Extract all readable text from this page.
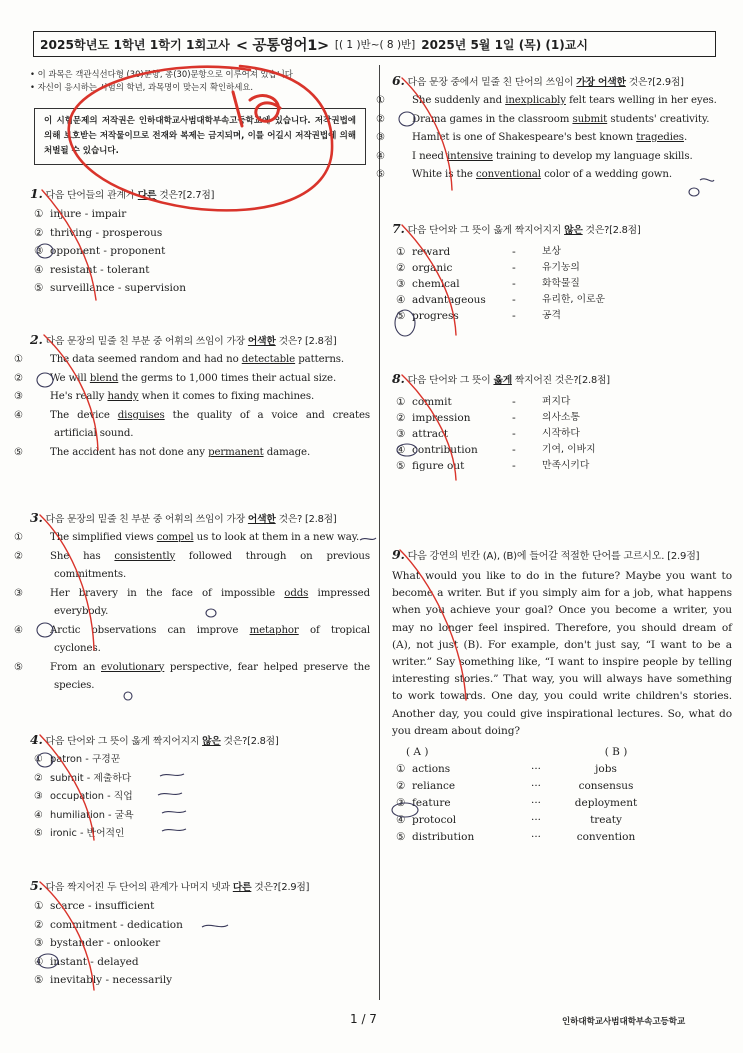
2025학년도 1학년 1학기 1회고사 < 공통영어1> [( 1 )반~( 8 )반] 2025년 5월 1일 (목) (1)교시
• 이 과목은 객관식선다형 (30)문항, 총(30)문항으로 이루어져 있습니다
• 자신이 응시하는 시험의 학년, 과목명이 맞는지 확인하세요.
이 시험문제의 저작권은 인하대학교사범대학부속고등학교에 있습니다. 저작권법에 의해 보호받는 저작물이므로 전재와 복제는 금지되며, 이를 어길시 저작권법에 의해 처벌될 수 있습니다.
1. 다음 단어들의 관계가 다른 것은?[2.7점]
① injure - impair
② thriving - prosperous
③ opponent - proponent
④ resistant - tolerant
⑤ surveillance - supervision
2. 다음 문장의 밑줄 친 부분 중 어휘의 쓰임이 가장 어색한 것은? [2.8점]
①	The data seemed random and had no detectable patterns.
②	We will blend the germs to 1,000 times their actual size.
③	He's really handy when it comes to fixing machines.
④	The device disguises the quality of a voice and creates artificial sound.
⑤	The accident has not done any permanent damage.
3. 다음 문장의 밑줄 친 부분 중 어휘의 쓰임이 가장 어색한 것은? [2.8점]
①	The simplified views compel us to look at them in a new way.
②	She has consistently followed through on previous commitments.
③	Her bravery in the face of impossible odds impressed everybody.
④	Arctic observations can improve metaphor of tropical cyclones.
⑤	From an evolutionary perspective, fear helped preserve the species.
4. 다음 단어와 그 뜻이 옳게 짝지어지지 않은 것은?[2.8점]
① patron - 구경꾼
② submit - 제출하다
③ occupation - 직업
④ humiliation - 굴욕
⑤ ironic - 반어적인
5. 다음 짝지어진 두 단어의 관계가 나머지 넷과 다른 것은?[2.9점]
① scarce - insufficient
② commitment - dedication
③ bystander - onlooker
④ instant - delayed
⑤ inevitably - necessarily
6. 다음 문장 중에서 밑줄 친 단어의 쓰임이 가장 어색한 것은?[2.9점]
①	She suddenly and inexplicably felt tears welling in her eyes.
②	Drama games in the classroom submit students' creativity.
③	Hamlet is one of Shakespeare's best known tragedies.
④	I need intensive training to develop my language skills.
⑤	White is the conventional color of a wedding gown.
7. 다음 단어와 그 뜻이 옳게 짝지어지지 않은 것은?[2.8점]
① reward	-	보상
② organic	-	유기농의
③ chemical	-	화학물질
④ advantageous	-	유리한, 이로운
⑤ progress	-	공격
8. 다음 단어와 그 뜻이 옳게 짝지어진 것은?[2.8점]
① commit	-	퍼지다
② impression	-	의사소통
③ attract	-	시작하다
④ contribution	-	기여, 이바지
⑤ figure out	-	만족시키다
9. 다음 강연의 빈칸 (A), (B)에 들어갈 적절한 단어를 고르시오. [2.9점]
What would you like to do in the future? Maybe you want to become a writer. But if you simply aim for a job, what happens when you achieve your goal? Once you become a writer, you may no longer feel inspired. Therefore, you should dream of (A), not just (B). For example, don't just say, “I want to be a writer.” Say something like, “I want to inspire people by telling interesting stories.” That way, you will always have something to work towards. One day, you could write children's stories. Another day, you could give inspirational lectures. So, what do you dream about doing?
( A )	( B )
① actions	···	jobs
② reliance	···	consensus
③ feature	···	deployment
④ protocol	···	treaty
⑤ distribution	···	convention
1 / 7	인하대학교사범대학부속고등학교
